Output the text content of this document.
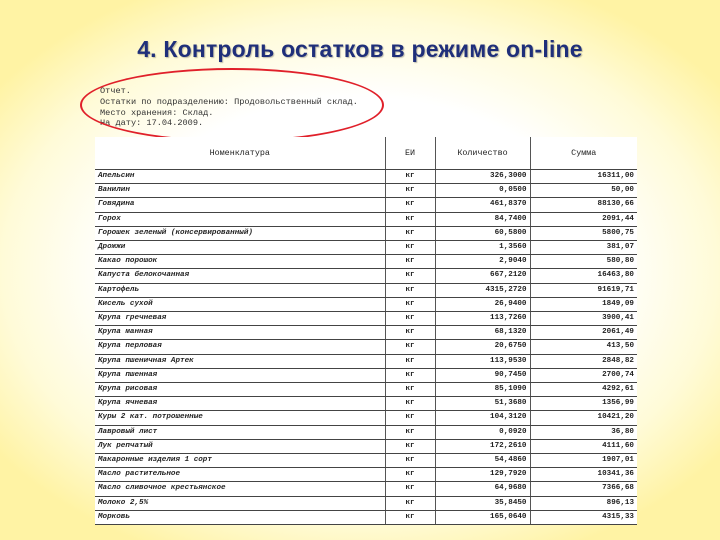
4. Контроль остатков в режиме on-line
Отчет.
Остатки по подразделению: Продовольственный склад.
Место хранения: Склад.
На дату: 17.04.2009.
Номенклатура	ЕИ	Количество	Сумма
Апельсин	кг	326,3000	16311,00
Ванилин	кг	0,0500	50,00
Говядина	кг	461,8370	88130,66
Горох	кг	84,7400	2091,44
Горошек зеленый (консервированный)	кг	60,5800	5800,75
Дрожжи	кг	1,3560	381,07
Какао порошок	кг	2,9040	580,80
Капуста белокочанная	кг	667,2120	16463,80
Картофель	кг	4315,2720	91619,71
Кисель сухой	кг	26,9400	1849,09
Крупа гречневая	кг	113,7260	3900,41
Крупа манная	кг	68,1320	2061,49
Крупа перловая	кг	20,6750	413,50
Крупа пшеничная Артек	кг	113,9530	2848,82
Крупа пшенная	кг	90,7450	2700,74
Крупа рисовая	кг	85,1090	4292,61
Крупа ячневая	кг	51,3680	1356,99
Куры 2 кат. потрошенные	кг	104,3120	10421,20
Лавровый лист	кг	0,0920	36,80
Лук репчатый	кг	172,2610	4111,60
Макаронные изделия 1 сорт	кг	54,4860	1907,01
Масло растительное	кг	129,7920	10341,36
Масло сливочное крестьянское	кг	64,9680	7366,68
Молоко 2,5%	кг	35,8450	896,13
Морковь	кг	165,0640	4315,33
